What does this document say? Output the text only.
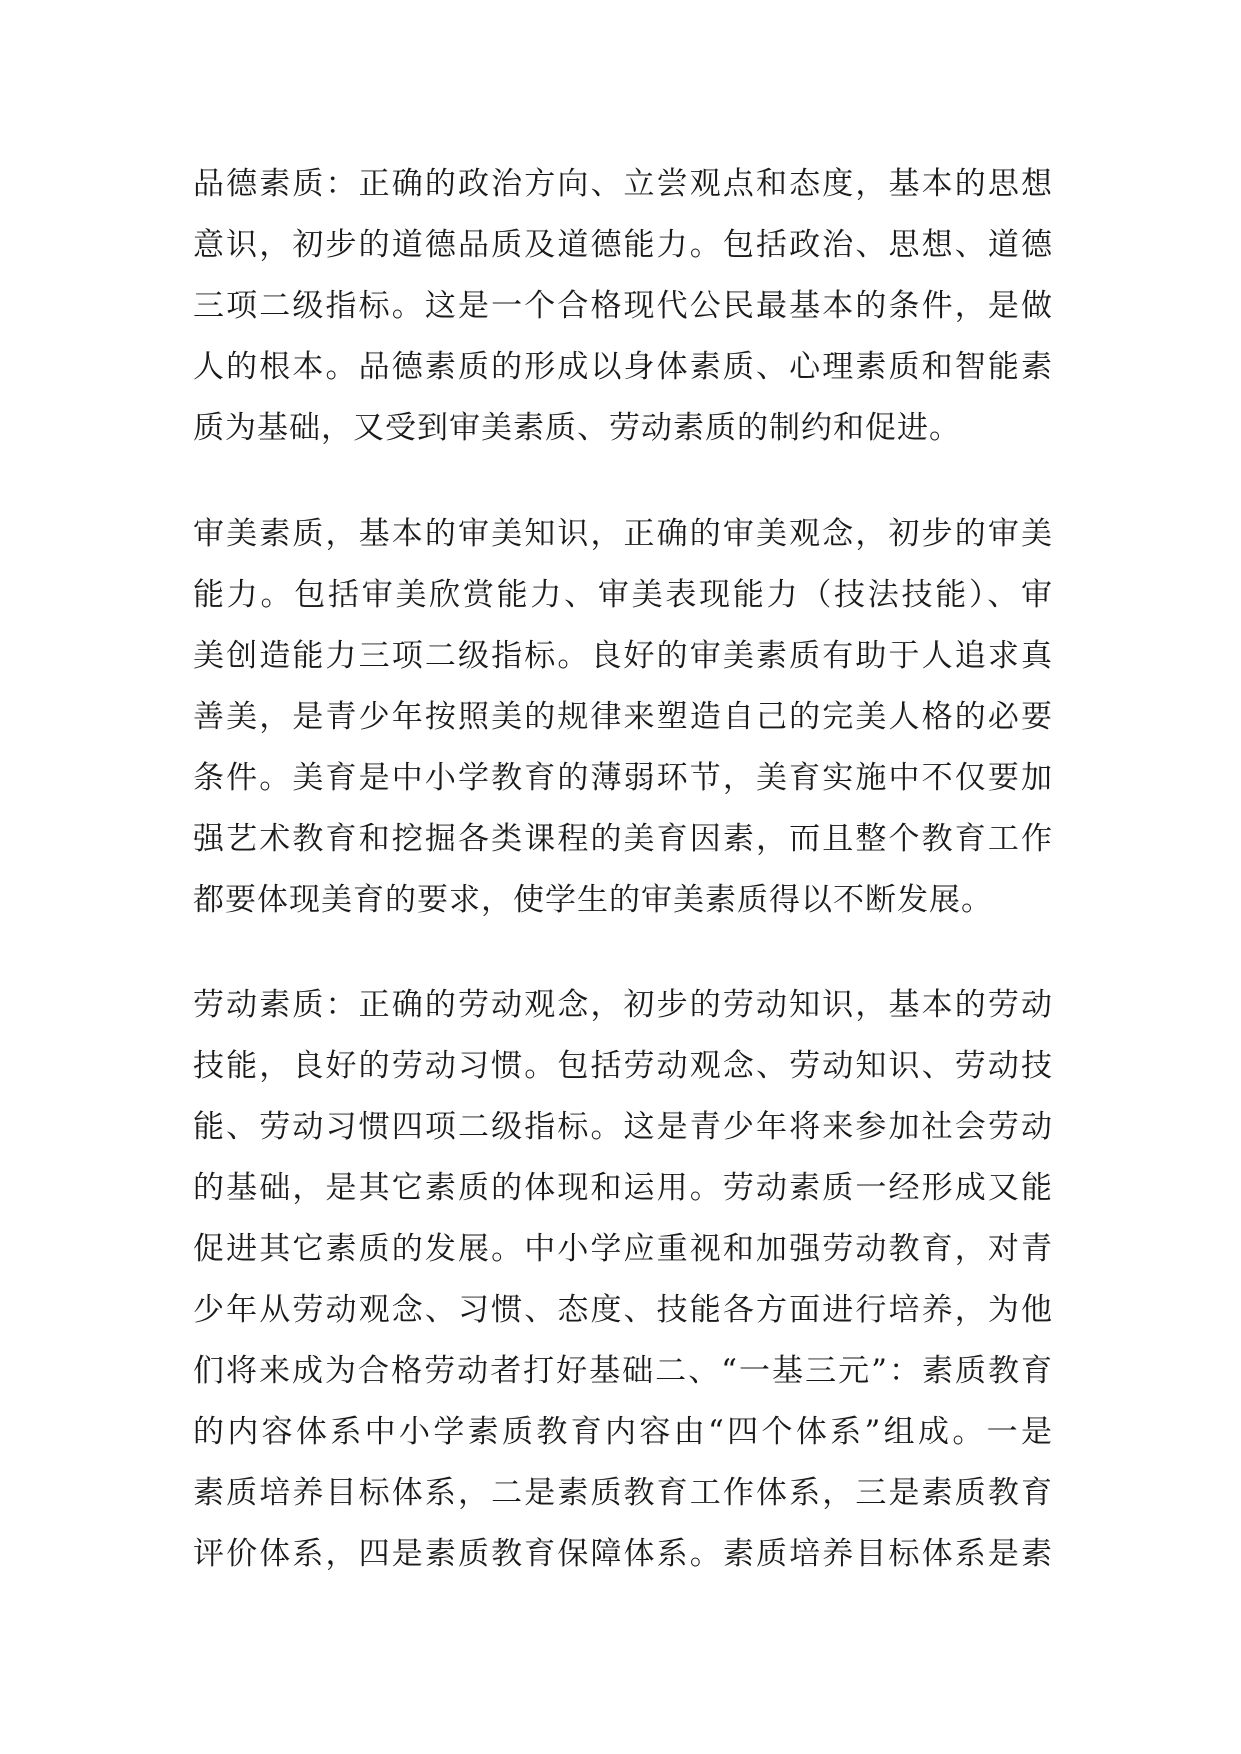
品德素质：正确的政治方向、立尝观点和态度，基本的思想
意识，初步的道德品质及道德能力。包括政治、思想、道德
三项二级指标。这是一个合格现代公民最基本的条件，是做
人的根本。品德素质的形成以身体素质、心理素质和智能素
质为基础，又受到审美素质、劳动素质的制约和促进。
审美素质，基本的审美知识，正确的审美观念，初步的审美
能力。包括审美欣赏能力、审美表现能力（技法技能）、审
美创造能力三项二级指标。良好的审美素质有助于人追求真
善美，是青少年按照美的规律来塑造自己的完美人格的必要
条件。美育是中小学教育的薄弱环节，美育实施中不仅要加
强艺术教育和挖掘各类课程的美育因素，而且整个教育工作
都要体现美育的要求，使学生的审美素质得以不断发展。
劳动素质：正确的劳动观念，初步的劳动知识，基本的劳动
技能，良好的劳动习惯。包括劳动观念、劳动知识、劳动技
能、劳动习惯四项二级指标。这是青少年将来参加社会劳动
的基础，是其它素质的体现和运用。劳动素质一经形成又能
促进其它素质的发展。中小学应重视和加强劳动教育，对青
少年从劳动观念、习惯、态度、技能各方面进行培养，为他
们将来成为合格劳动者打好基础二、“一基三元”：素质教育
的内容体系中小学素质教育内容由“四个体系”组成。一是
素质培养目标体系，二是素质教育工作体系，三是素质教育
评价体系，四是素质教育保障体系。素质培养目标体系是素
